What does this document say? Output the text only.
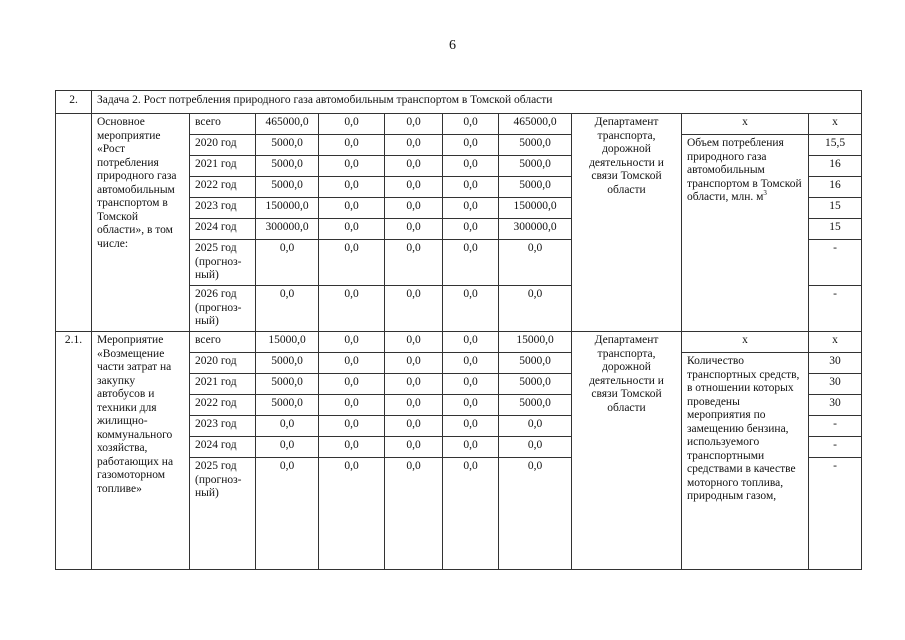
6
2.	Задача 2. Рост потребления природного газа автомобильным транспортом в Томской области									
	Основное мероприятие «Рост потребления природного газа автомобильным транспортом в Томской области», в том числе:	всего	465000,0	0,0	0,0	0,0	465000,0	Департамент транспорта, дорожной деятельности и связи Томской области	х	х
		2020 год	5000,0	0,0	0,0	0,0	5000,0		Объем потребления природного газа автомобильным транспортом в Томской области, млн. $м^3$	15,5
		2021 год	5000,0	0,0	0,0	0,0	5000,0			16
		2022 год	5000,0	0,0	0,0	0,0	5000,0			16
		2023 год	150000,0	0,0	0,0	0,0	150000,0			15
		2024 год	300000,0	0,0	0,0	0,0	300000,0			15
		2025 год (прогноз-ный)	0,0	0,0	0,0	0,0	0,0			-
		2026 год (прогноз-ный)	0,0	0,0	0,0	0,0	0,0			-
2.1.	Мероприятие «Возмещение части затрат на закупку автобусов и техники для жилищно-коммунального хозяйства, работающих на газомоторном топливе»	всего	15000,0	0,0	0,0	0,0	15000,0	Департамент транспорта, дорожной деятельности и связи Томской области	х	х
		2020 год	5000,0	0,0	0,0	0,0	5000,0		Количество транспортных средств, в отношении которых проведены мероприятия по замещению бензина, используемого транспортными средствами в качестве моторного топлива, природным газом,	30
		2021 год	5000,0	0,0	0,0	0,0	5000,0			30
		2022 год	5000,0	0,0	0,0	0,0	5000,0			30
		2023 год	0,0	0,0	0,0	0,0	0,0			-
		2024 год	0,0	0,0	0,0	0,0	0,0			-
		2025 год (прогноз-ный)	0,0	0,0	0,0	0,0	0,0			-
